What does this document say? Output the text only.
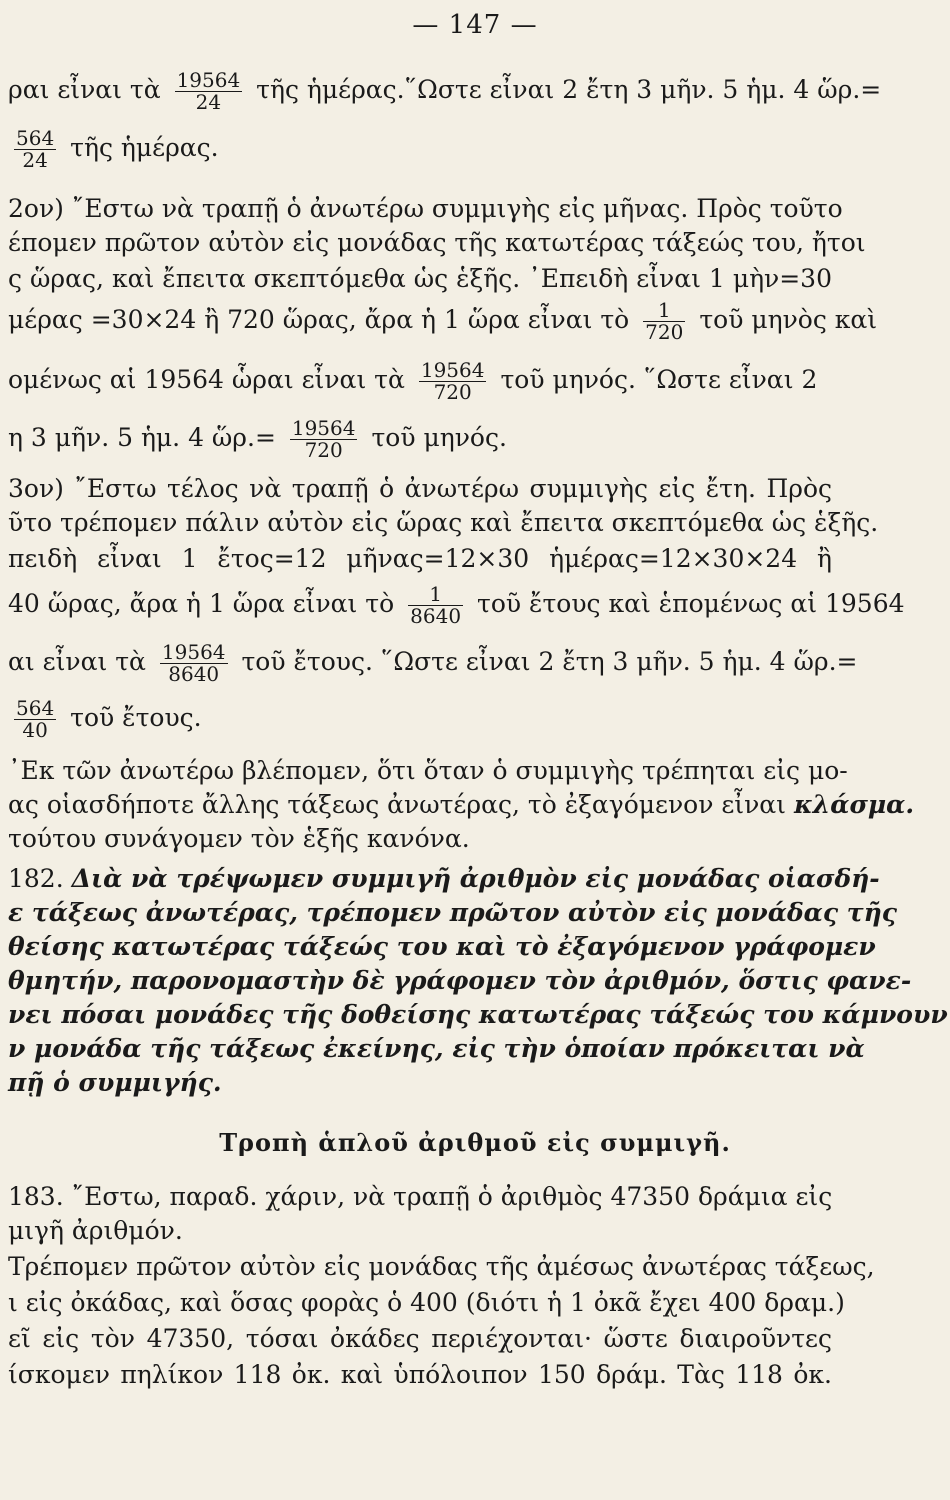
— 147 —
ραι εἶναι τὰ $\frac{19564}{24}$ τῆς ἡμέρας.῞Ωστε εἶναι 2 ἔτη 3 μῆν. 5 ἡμ. 4 ὥρ.=
$\frac{564}{24}$ τῆς ἡμέρας.
2ον) ῎Εστω νὰ τραπῇ ὁ ἀνωτέρω συμμιγὴς εἰς μῆνας. Πρὸς τοῦτο
έπομεν πρῶτον αὐτὸν εἰς μονάδας τῆς κατωτέρας τάξεώς του, ἤτοι
ς ὥρας, καὶ ἔπειτα σκεπτόμεθα ὡς ἑξῆς. ᾿Επειδὴ εἶναι 1 μὴν=30
μέρας =30×24 ἢ 720 ὥρας, ἄρα ἡ 1 ὥρα εἶναι τὸ $\frac{1}{720}$ τοῦ μηνὸς καὶ
ομένως αἱ 19564 ὧραι εἶναι τὰ $\frac{19564}{720}$ τοῦ μηνός. ῞Ωστε εἶναι 2
η 3 μῆν. 5 ἡμ. 4 ὥρ.= $\frac{19564}{720}$ τοῦ μηνός.
3ον) ῎Εστω τέλος νὰ τραπῇ ὁ ἀνωτέρω συμμιγὴς εἰς ἔτη. Πρὸς
ῦτο τρέπομεν πάλιν αὐτὸν εἰς ὥρας καὶ ἔπειτα σκεπτόμεθα ὡς ἑξῆς.
πειδὴ εἶναι 1 ἔτος=12 μῆνας=12×30 ἡμέρας=12×30×24 ἢ
40 ὥρας, ἄρα ἡ 1 ὥρα εἶναι τὸ $\frac{1}{8640}$ τοῦ ἔτους καὶ ἑπομένως αἱ 19564
αι εἶναι τὰ $\frac{19564}{8640}$ τοῦ ἔτους. ῞Ωστε εἶναι 2 ἔτη 3 μῆν. 5 ἡμ. 4 ὥρ.=
$\frac{564}{40}$ τοῦ ἔτους.
᾿Εκ τῶν ἀνωτέρω βλέπομεν, ὅτι ὅταν ὁ συμμιγὴς τρέπηται εἰς μο-
ας οἱασδήποτε ἄλλης τάξεως ἀνωτέρας, τὸ ἐξαγόμενον εἶναι κλάσμα.
τούτου συνάγομεν τὸν ἑξῆς κανόνα.
182. Διὰ νὰ τρέψωμεν συμμιγῆ ἀριθμὸν εἰς μονάδας οἱασδή-
ε τάξεως ἀνωτέρας, τρέπομεν πρῶτον αὐτὸν εἰς μονάδας τῆς
θείσης κατωτέρας τάξεώς του καὶ τὸ ἐξαγόμενον γράφομεν
θμητήν, παρονομαστὴν δὲ γράφομεν τὸν ἀριθμόν, ὅστις φανε-
νει πόσαι μονάδες τῆς δοθείσης κατωτέρας τάξεώς του κάμνουν
ν μονάδα τῆς τάξεως ἐκείνης, εἰς τὴν ὁποίαν πρόκειται νὰ
πῇ ὁ συμμιγής.
Τροπὴ ἁπλοῦ ἀριθμοῦ εἰς συμμιγῆ.
183. ῎Εστω, παραδ. χάριν, νὰ τραπῇ ὁ ἀριθμὸς 47350 δράμια εἰς
μιγῆ ἀριθμόν.
Τρέπομεν πρῶτον αὐτὸν εἰς μονάδας τῆς ἀμέσως ἀνωτέρας τάξεως,
ι εἰς ὀκάδας, καὶ ὅσας φορὰς ὁ 400 (διότι ἡ 1 ὀκᾶ ἔχει 400 δραμ.)
εῖ εἰς τὸν 47350, τόσαι ὀκάδες περιέχονται· ὥστε διαιροῦντες
ίσκομεν πηλίκον 118 ὀκ. καὶ ὑπόλοιπον 150 δράμ. Τὰς 118 ὀκ.
